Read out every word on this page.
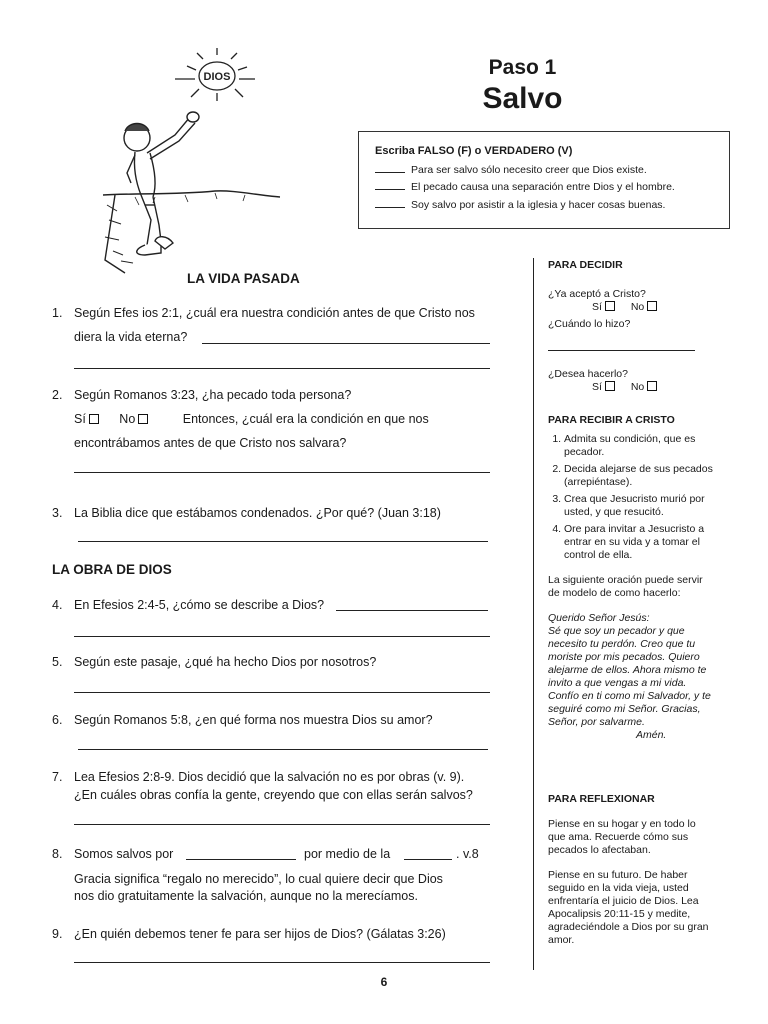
DIOS	Paso 1
Salvo
Escriba FALSO (F) o VERDADERO (V)
Para ser salvo sólo necesito creer que Dios existe.
El pecado causa una separación entre Dios y el hombre.
Soy salvo por asistir a la iglesia y hacer cosas buenas.
LA VIDA PASADA
1. Según Efes ios 2:1, ¿cuál era nuestra condición antes de que Cristo nos
diera la vida eterna?
2. Según Romanos 3:23, ¿ha pecado toda persona?
Sí	No	Entonces, ¿cuál era la condición en que nos
encontrábamos antes de que Cristo nos salvara?
3. La Biblia dice que estábamos condenados. ¿Por qué? (Juan 3:18)
LA OBRA DE DIOS
4. En Efesios 2:4-5, ¿cómo se describe a Dios?
5. Según este pasaje, ¿qué ha hecho Dios por nosotros?
6. Según Romanos 5:8, ¿en qué forma nos muestra Dios su amor?
7. Lea Efesios 2:8-9. Dios decidió que la salvación no es por obras (v. 9).
¿En cuáles obras confía la gente, creyendo que con ellas serán salvos?
8. Somos salvos por	por medio de la	. v.8
Gracia significa “regalo no merecido”, lo cual quiere decir que Dios
nos dio gratuitamente la salvación, aunque no la merecíamos.
9. ¿En quién debemos tener fe para ser hijos de Dios? (Gálatas 3:26)
PARA DECIDIR
¿Ya aceptó a Cristo?
Sí	No
¿Cuándo lo hizo?
¿Desea hacerlo?
Sí	No
PARA RECIBIR A CRISTO
1. Admita su condición, que es pecador.
2. Decida alejarse de sus pecados (arrepiéntase).
3. Crea que Jesucristo murió por usted, y que resucitó.
4. Ore para invitar a Jesucristo a entrar en su vida y a tomar el control de ella.
La siguiente oración puede servir de modelo de como hacerlo:
Querido Señor Jesús:
Sé que soy un pecador y que necesito tu perdón. Creo que tu moriste por mis pecados. Quiero alejarme de ellos. Ahora mismo te invito a que vengas a mi vida. Confío en ti como mi Salvador, y te seguiré como mi Señor. Gracias, Señor, por salvarme.
Amén.
PARA REFLEXIONAR
Piense en su hogar y en todo lo que ama. Recuerde cómo sus pecados lo afectaban.
Piense en su futuro. De haber seguido en la vida vieja, usted enfrentaría el juicio de Dios. Lea Apocalipsis 20:11-15 y medite, agradeciéndole a Dios por su gran amor.
6
